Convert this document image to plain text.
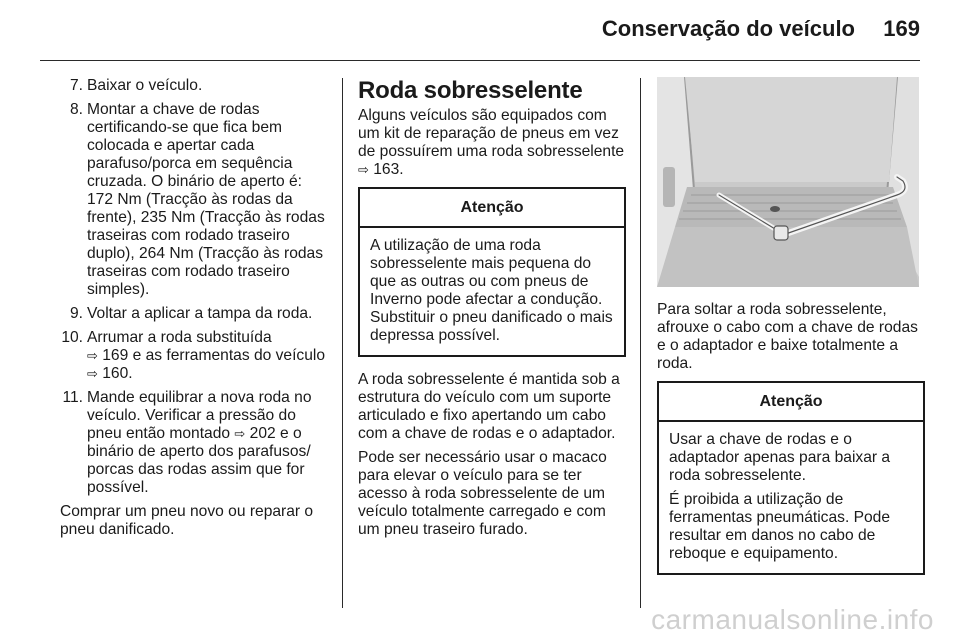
Conservação do veículo 169
7. Baixar o veículo.
8. Montar a chave de rodas certificando-se que fica bem colocada e apertar cada parafuso/porca em sequência cruzada. O binário de aperto é: 172 Nm (Tracção às rodas da frente), 235 Nm (Tracção às rodas traseiras com rodado traseiro duplo), 264 Nm (Tracção às rodas traseiras com rodado traseiro simples).
9. Voltar a aplicar a tampa da roda.
10. Arrumar a roda substituída
⇨ 169 e as ferramentas do veículo ⇨ 160.
11. Mande equilibrar a nova roda no veículo. Verificar a pressão do pneu então montado ⇨ 202 e o binário de aperto dos parafusos/ porcas das rodas assim que for possível.

Comprar um pneu novo ou reparar o pneu danificado.

Roda sobresselente

Alguns veículos são equipados com um kit de reparação de pneus em vez de possuírem uma roda sobresselente ⇨ 163.

Atenção

A utilização de uma roda sobresselente mais pequena do que as outras ou com pneus de Inverno pode afectar a condução. Substituir o pneu danificado o mais depressa possível.

A roda sobresselente é mantida sob a estrutura do veículo com um suporte articulado e fixo apertando um cabo com a chave de rodas e o adaptador.

Pode ser necessário usar o macaco para elevar o veículo para se ter acesso à roda sobresselente de um veículo totalmente carregado e com um pneu traseiro furado.

Para soltar a roda sobresselente, afrouxe o cabo com a chave de rodas e o adaptador e baixe totalmente a roda.

Atenção

Usar a chave de rodas e o adaptador apenas para baixar a roda sobresselente.

É proibida a utilização de ferramentas pneumáticas. Pode resultar em danos no cabo de reboque e equipamento.

carmanualsonline.info
